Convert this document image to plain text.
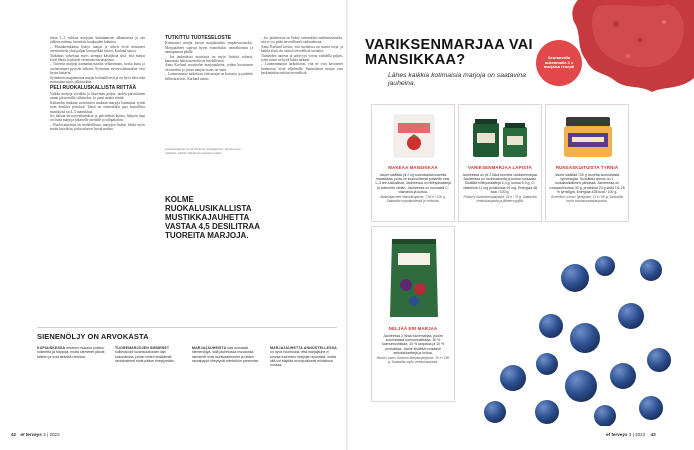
ensin 1–3 viikkoa marjojen kuluttamisen alkamisesta ja sen jälkeen mittaus toistettiin kuukauden kuluttua.

– Mustaherukkaan lisätyt marjat ja sokeri eivät nostaneet verensokeria yhtä paljon kuin pelkkä sokeri, Karlund sanoo.

Tutkimus vahvistaa myös aiempia käsityksiä siitä, että marjat eivät lihota ja pitävät verensokerin tasaisena.

– Tuoreita marjoja kannattaa nauttia sellaisenaan, koska kuitu ja ravintoaineet pysyvät tallessa. Syömisen terveysvaikutukset ovat hyvin kattavat.

Syöminen tasapainottaa marjat kohtuullisesti ja on hyvä idea sekä muistuttaa myös jälkiruokiin.

PELI RUOKALUSKALLISTA RIITTÄÄ

Vaikka marjoja syödään ja käytetään paljon, niiden päivittäinen saanti jää monilla vähäiseksi. Jo pieni määrä riittää.

Karlundin mukaan suositusten mukaan marjoja kannattaa syödä noin desilitra päivässä. Tämä on esimerkiksi pari kourallista mustikoita tai 4–5 mansikkaa.

Jos haluaa terveysvaikutuksia ja päivittäistä kuitua, helpoin tapa on lisätä marjoja jokaiselle aterialle ja välipaloihin.

– Ruoka-aineisiin on mahdollisuus marjojen lisäksi liittää myös muita kasviksia, jotka tukevat hyvää mahaa.

TUTKITTU TUOTESELOSTE

Kotimaiset marjat tuovat marjakauden ympärivuotiseksi. Marjajauheet sopivat hyvin esimerkiksi smoothieisiin ja aamupuuron päälle.

– Jos jauhetuissa tuotteissa on myös lisättyä sokeria, kannattaa lukea tuoteseloste huolellisesti.

Anna Karlund suosittelee marjajauheita, joiden koostumus on tunnettu ja joissa marjan osuus on suuri.

– Luonnontuote tarkoittaa, että marjat on kuivattu ja jauhettu hellävaraisesti, Karlund sanoo.

Asiantuntijana: Anna Karlund, tutkijatohtori, Itä-Suomen yliopisto. Lähde: Ravitsemustieteen laitos.

– Jos jauheeseen on lisätty esimerkiksi makeutusaineita, sitä ei voi pitää terveellisenä vaihtoehtona.

Anna Karlund kertoo, että tuotteissa on suuria eroja, ja kaikki eivät ole aidosti terveellisiä tuotteita.

Tuotteiden tuoreus ja säilyvyys voivat vaihdella paljon, joten niistä on hyvä lukea tarkasti.

– Luonnonmarjat tarkoittavat, että ne ovat kasvaneet luonnossa, eivät viljelmillä. Suomalaiset marjat ovat keskimäärin erittäin terveellisiä.

KOLME RUOKALUSIKALLISTA MUSTIKKAJAUHETTA VASTAA 4,5 DESILITRAA TUOREITA MARJOJA.
SIENENÖLJY ON ARVOKASTA
KUPIAISKESSA nesteen mukana poistuu sokereita ja happoja, mutta siemenet jäävät talteen ja ovat tärkeää ravintoa.
TUOREMARJOJEN SIEMENET kulkeutuvat ruoansulatuksen läpi kokonaisina, jolloin niiden sisältämät ravintoaineet eivät pääse imeytymään.
MARJAJAUHEISTA saa runsaasti siemenöljyä, sillä jauhetussa muodossa siemenet ovat murskaantuneet ja niiden rasvahapot imeytyvät elimistöön paremmin.
MARJAJAUHETTA ANNOSTELLESSA on hyvä huomioida, että marjajauhe ei korvaa tuoreiden marjojen syömistä, mutta sitä voi käyttää monipuolisesti erilaisissa ruoissa.
42 et terveys 3 | 2022
VARIKSENMARJAA VAI MANSIKKAA?
Lähes kaikkia kotimaisia marjoja on saatavina jauheina.
Seuraavalla aukeamalla 3 x marjaisa resepti
MAKEAA MANSIKKAA
Jauhe sisältää yli 2 kg suomalaista tuoretta mansikkaa, josta on luonnollisesti poistettu vesi. 1–3 tee-lusikallista, Jauheessa on hiilihydraatteja ja sokereita vähän. Jauheessa on runsaasti C-vitamiinia ja kuitua.
Makeatjauheet Mansikkajauhe, 7,50 e / 100 g. Saatavilla myyntipisteistä ja verkosta.
VARIKSENMARJAA LAPISTA
Jauheessa on yli 2 kiloa tuoretta variksenmarjaa. Jauheessa on ravintoaineita ja kuitua runsaasti. Sisältää hiilihydraatteja 4,3 g, kuitua 5,3 g, C-vitamiinia 11 mg ja kaliumia 91 mg. Energiaa 48 kcal / 100 g.
Finberry Variksenmarjajauhe, 25 e / 70 g. Saatavilla verkkokaupasta ja jälleenmyyjiltä.
RUNSASKUITUISTA TYRNIÄ
Jauhe sisältää 700 g tuoretta suomalaista tyrnimarjaa. Suosittelu annos on 1 ruokalusikallinen päivässä. Jauheessa on runsaasti kuitua 33 g, proteiinia 23 g sekä 15–25 % tyrniöljyä. Energiaa 438 kcal / 100 g.
Greenfish Luomu Tyrnijauhe, 11 e / 80 g. Saatavilla myös luontaistuotekaupoista.
NELJÄÄ ERI MARJAA
Jauheessa 2 litraa tuoremarjaa, puolet suomalaista luomumustikkaa, 30 % luomumustikkaa, 10 % karpaloa ja 10 % puolukkaa. Jauhe sisältää runsaasti antioksidantteja ja kuitua.
Biokia Luomu Suomen Marjasuperjauhe, 15 e / 150 g. Saatavilla myös verkkokaupasta.
et terveys 3 | 2022 43
